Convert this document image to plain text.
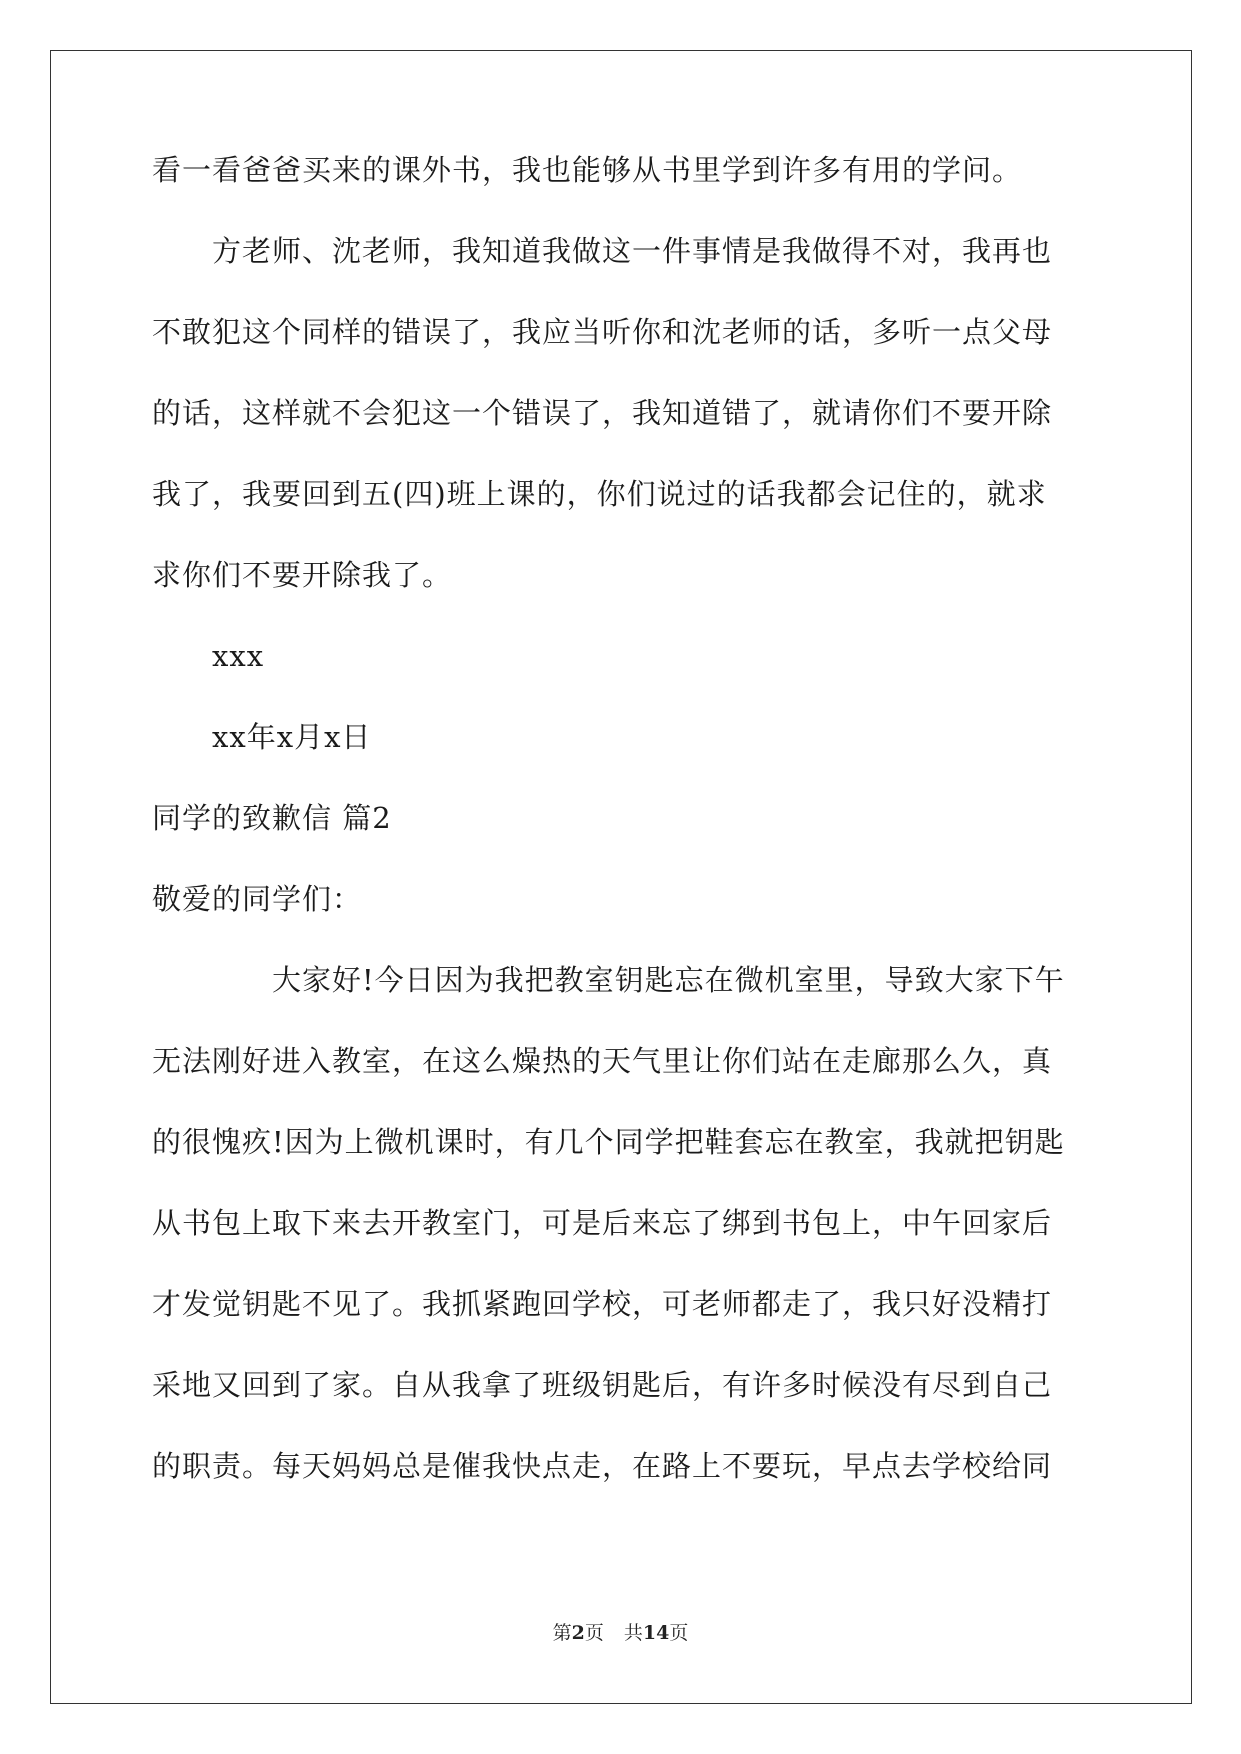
看一看爸爸买来的课外书，我也能够从书里学到许多有用的学问。
　　方老师、沈老师，我知道我做这一件事情是我做得不对，我再也
不敢犯这个同样的错误了，我应当听你和沈老师的话，多听一点父母
的话，这样就不会犯这一个错误了，我知道错了，就请你们不要开除
我了，我要回到五(四)班上课的，你们说过的话我都会记住的，就求
求你们不要开除我了。
　　xxx
　　xx年x月x日
同学的致歉信 篇2
敬爱的同学们：
　　　　大家好!今日因为我把教室钥匙忘在微机室里，导致大家下午
无法刚好进入教室，在这么燥热的天气里让你们站在走廊那么久，真
的很愧疚!因为上微机课时，有几个同学把鞋套忘在教室，我就把钥匙
从书包上取下来去开教室门，可是后来忘了绑到书包上，中午回家后
才发觉钥匙不见了。我抓紧跑回学校，可老师都走了，我只好没精打
采地又回到了家。自从我拿了班级钥匙后，有许多时候没有尽到自己
的职责。每天妈妈总是催我快点走，在路上不要玩，早点去学校给同
第2页 共14页
